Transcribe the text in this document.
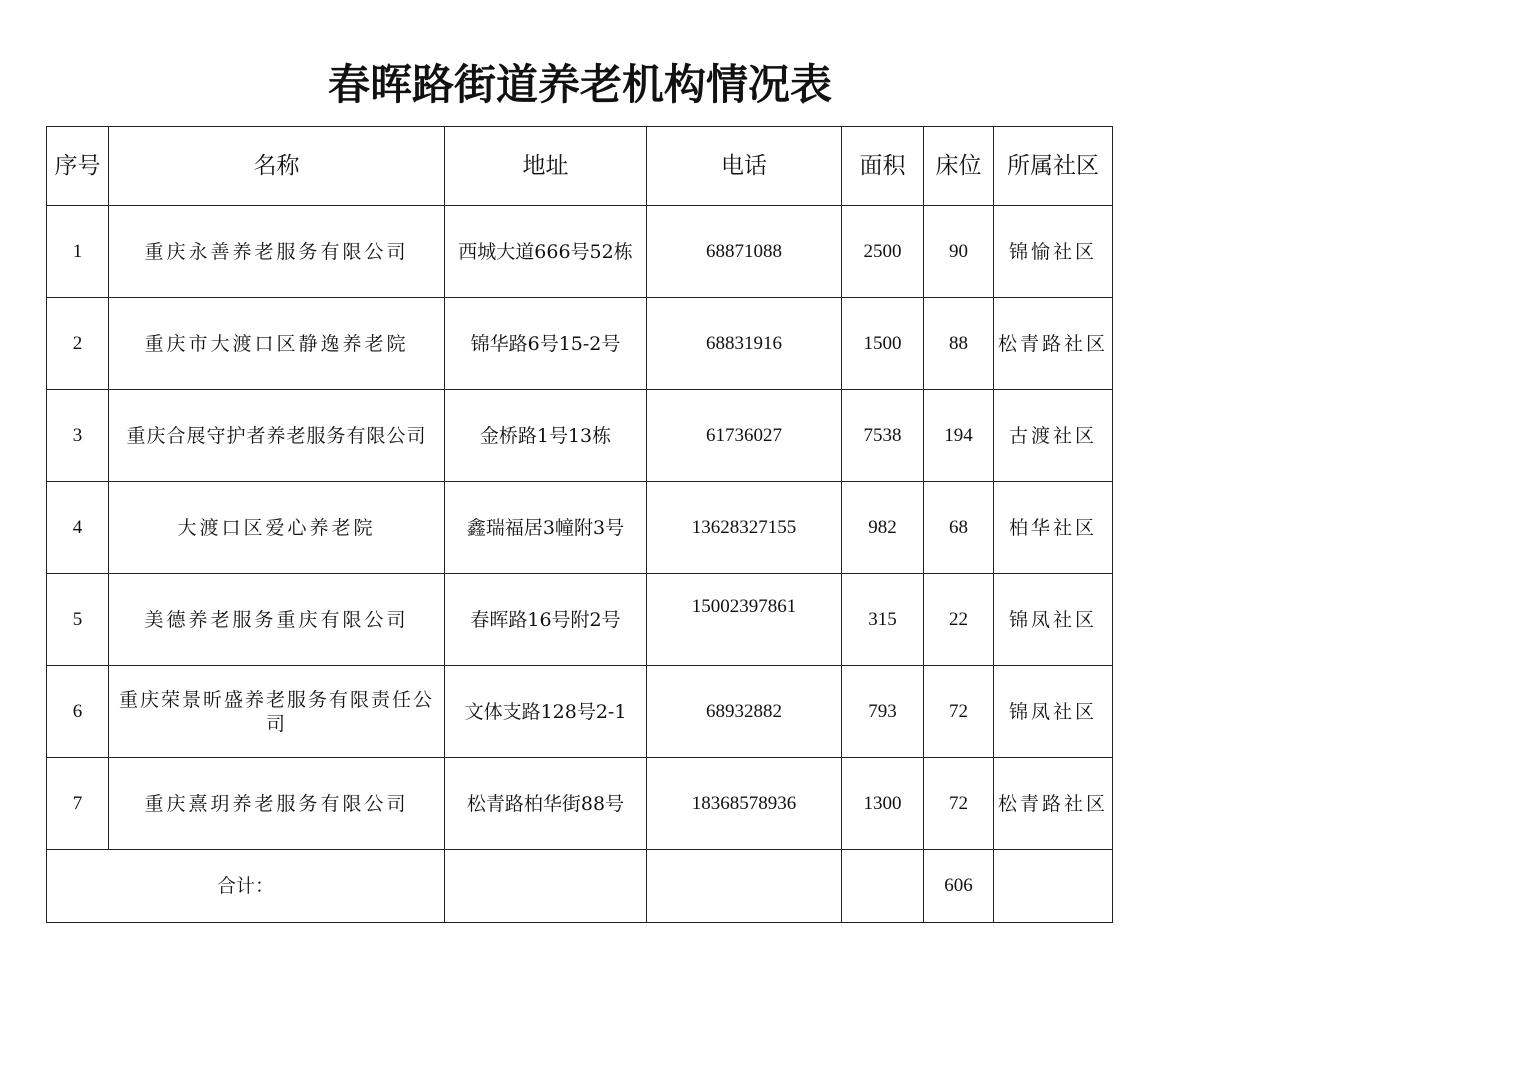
春晖路街道养老机构情况表
序号	名称	地址	电话	面积	床位	所属社区
1	重庆永善养老服务有限公司	西城大道666号52栋	68871088	2500	90	锦愉社区
2	重庆市大渡口区静逸养老院	锦华路6号15-2号	68831916	1500	88	松青路社区
3	重庆合展守护者养老服务有限公司	金桥路1号13栋	61736027	7538	194	古渡社区
4	大渡口区爱心养老院	鑫瑞福居3幢附3号	13628327155	982	68	柏华社区
5	美德养老服务重庆有限公司	春晖路16号附2号	15002397861	315	22	锦凤社区
6	重庆荣景昕盛养老服务有限责任公司	文体支路128号2-1	68932882	793	72	锦凤社区
7	重庆熹玥养老服务有限公司	松青路柏华街88号	18368578936	1300	72	松青路社区
合计：					606	
